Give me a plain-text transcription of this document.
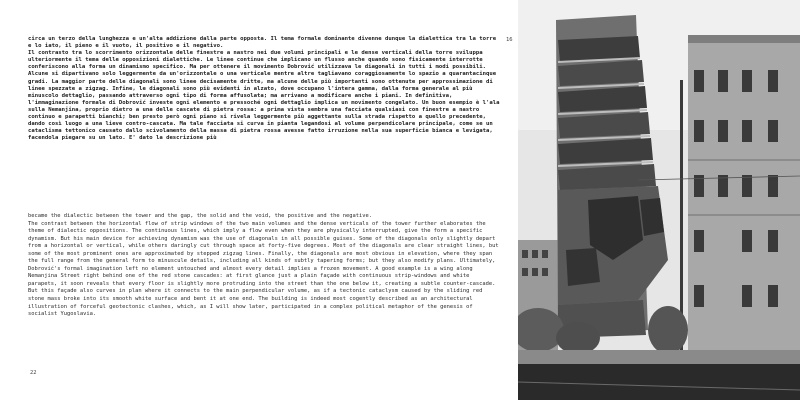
circa un terzo della lunghezza e un'alta addizione dalla parte opposta. Il tema formale dominante divenne dunque la dialettica tra la torre e lo iato, il pieno e il vuoto, il positivo e il negativo.
Il contrasto tra lo scorrimento orizzontale delle finestre a nastro nei due volumi principali e le dense verticali della torre sviluppa ulteriormente il tema delle opposizioni dialettiche. Le linee continue che implicano un flusso anche quando sono fisicamente interrotte conferiscono alla forma un dinamismo specifico. Ma per ottenere il movimento Dobrović utilizzava le diagonali in tutti i modi possibili. Alcune si dipartivano solo leggermente da un'orizzontale o una verticale mentre altre tagliavano coraggiosamente lo spazio a quarantacinque gradi. La maggior parte delle diagonali sono linee decisamente dritte, ma alcune delle più importanti sono ottenute per approssimazione di linee spezzate a zigzag. Infine, le diagonali sono più evidenti in alzato, dove occupano l'intera gamma, dalla forma generale al più minuscolo dettaglio, passando attraverso ogni tipo di forma affusolata; ma arrivano a modificare anche i piani. In definitiva, l'immaginazione formale di Dobrović investe ogni elemento e pressoché ogni dettaglio implica un movimento congelato. Un buon esempio è l'ala sulla Nemanjina, proprio dietro a una delle cascate di pietra rossa: a prima vista sembra una facciata qualsiasi con finestre a nastro continuo e parapetti bianchi; ben presto però ogni piano si rivela leggermente più aggettante sulla strada rispetto a quello precedente, dando così luogo a una lieve contro-cascata. Ma tale facciata si curva in pianta legandosi al volume perpendicolare principale, come se un cataclisma tettonico causato dallo scivolamento della massa di pietra rossa avesse fatto irruzione nella sua superficie bianca e levigata, facendola piegare su un lato. E' dato la descrizione più

became the dialectic between the tower and the gap, the solid and the void, the positive and the negative.
The contrast between the horizontal flow of strip windows of the two main volumes and the dense verticals of the tower further elaborates the theme of dialectic oppositions. The continuous lines, which imply a flow even when they are physically interrupted, give the form a specific dynamism. But his main device for achieving dynamism was the use of diagonals in all possible guises. Some of the diagonals only slightly depart from a horizontal or vertical, while others daringly cut through space at forty-five degrees. Most of the diagonals are clear straight lines, but some of the most prominent ones are approximated by stepped zigzag lines. Finally, the diagonals are most obvious in elevation, where they span the full range from the general form to minuscule details, including all kinds of subtly tapering forms; but they also modify plans. Ultimately, Dobrović's formal imagination left no element untouched and almost every detail implies a frozen movement. A good example is a wing along Nemanjina Street right behind one of the red stone cascades: at first glance just a plain façade with continuous strip-windows and white parapets, it soon reveals that every floor is slightly more protruding into the street than the one below it, creating a subtle counter-cascade. But this façade also curves in plan where it connects to the main perpendicular volume, as if a tectonic cataclysm caused by the sliding red stone mass broke into its smooth white surface and bent it at one end. The building is indeed most cogently described as an architectural illustration of forceful geotectonic clashes, which, as I will show later, participated in a complex political metaphor of the genesis of socialist Yugoslavia.

22
16
